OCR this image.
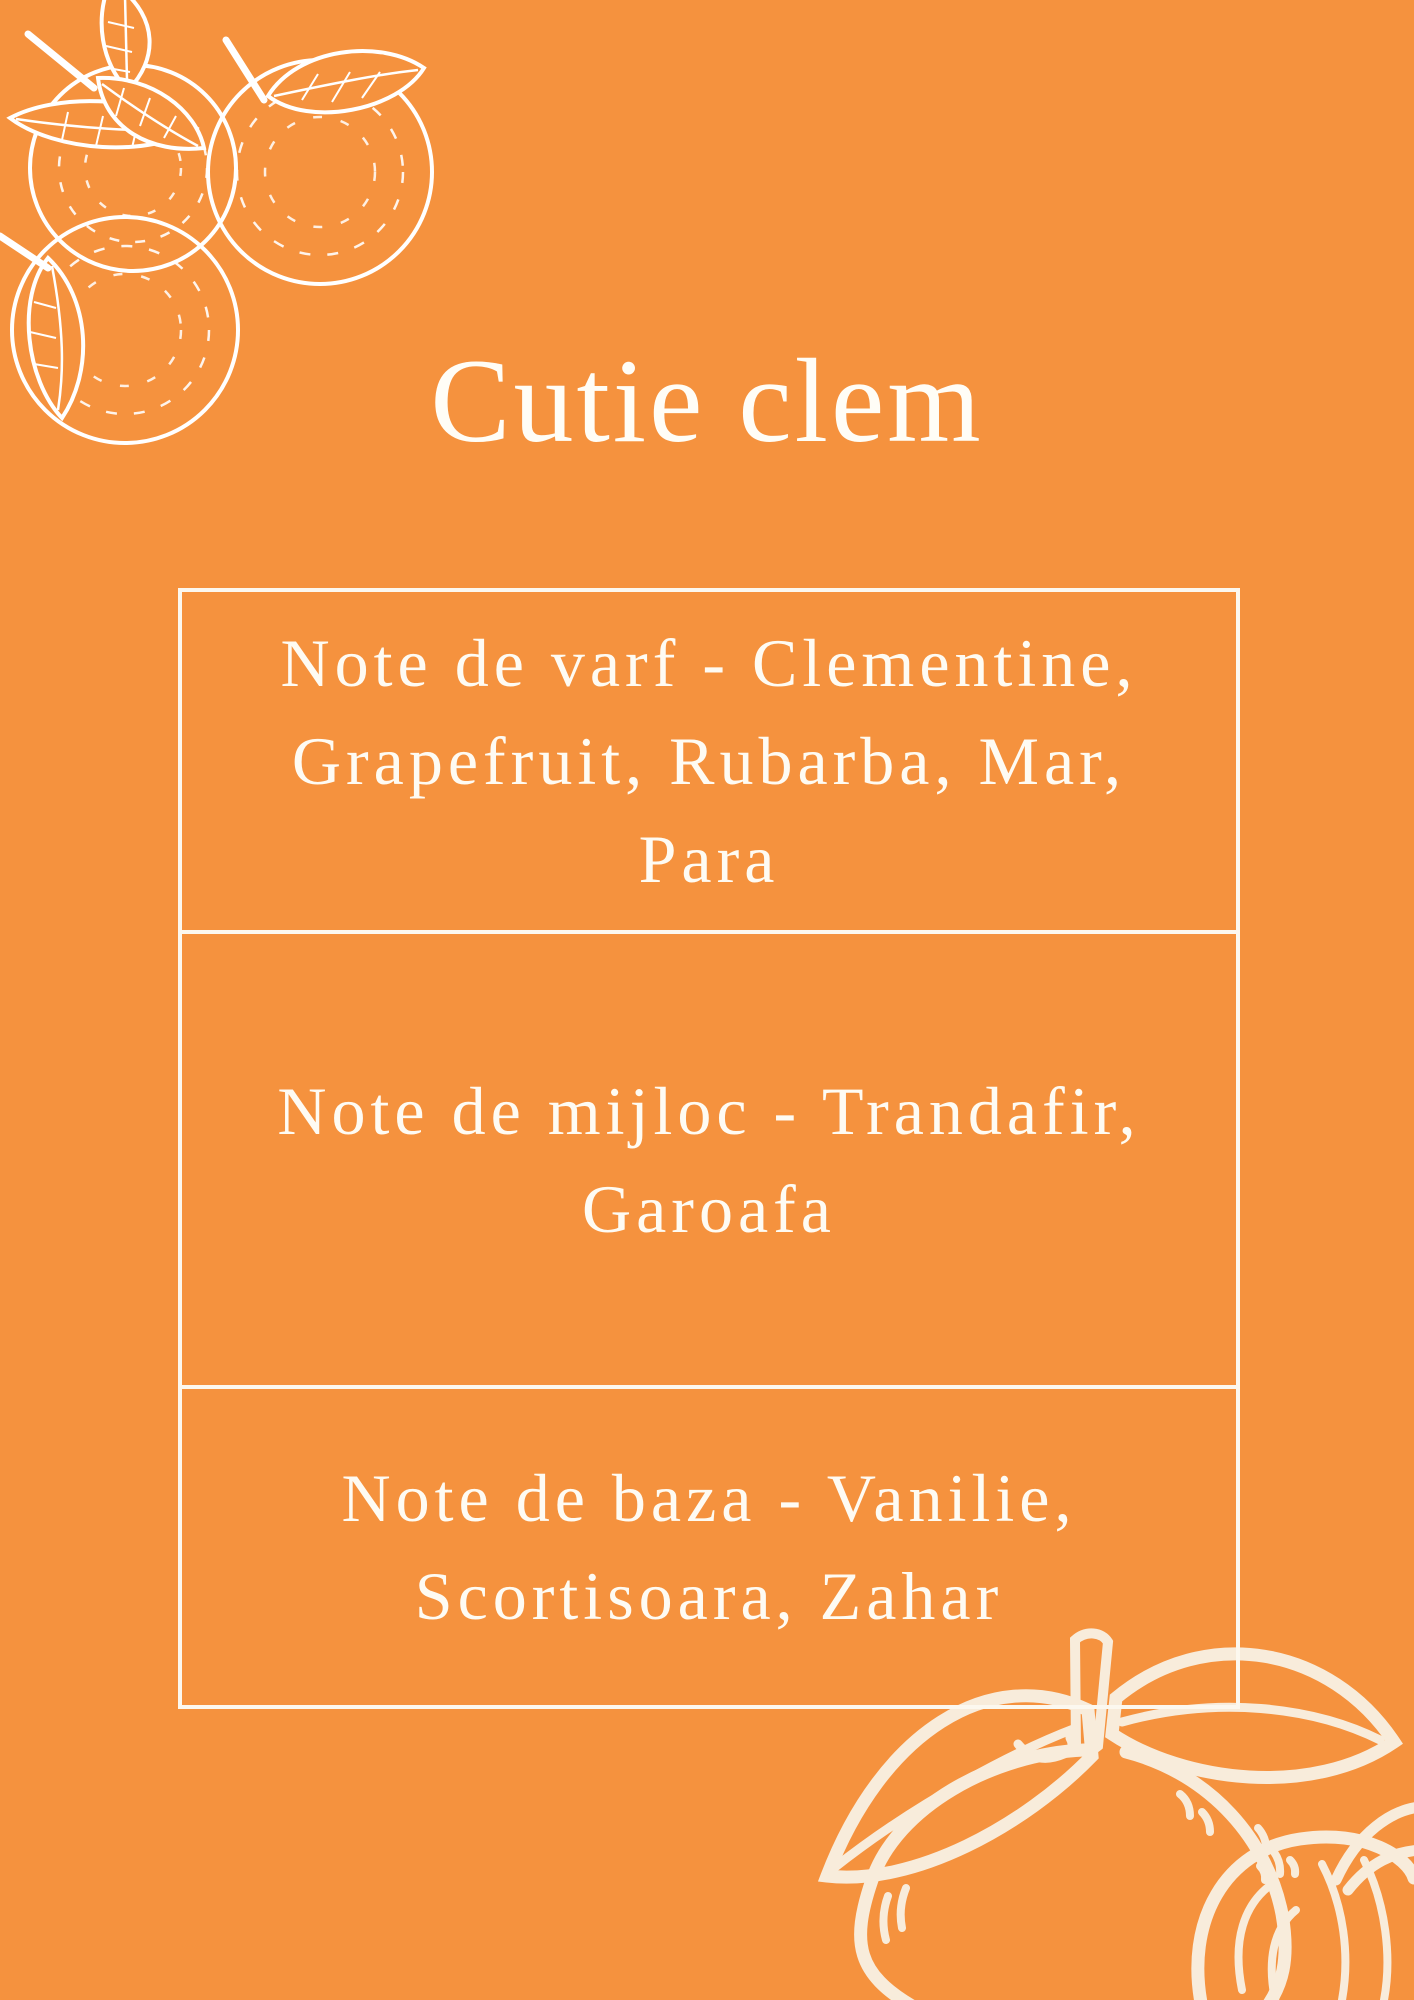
Cutie clem

Note de varf - Clementine,
Grapefruit, Rubarba, Mar,
Para

Note de mijloc - Trandafir,
Garoafa

Note de baza - Vanilie,
Scortisoara, Zahar
